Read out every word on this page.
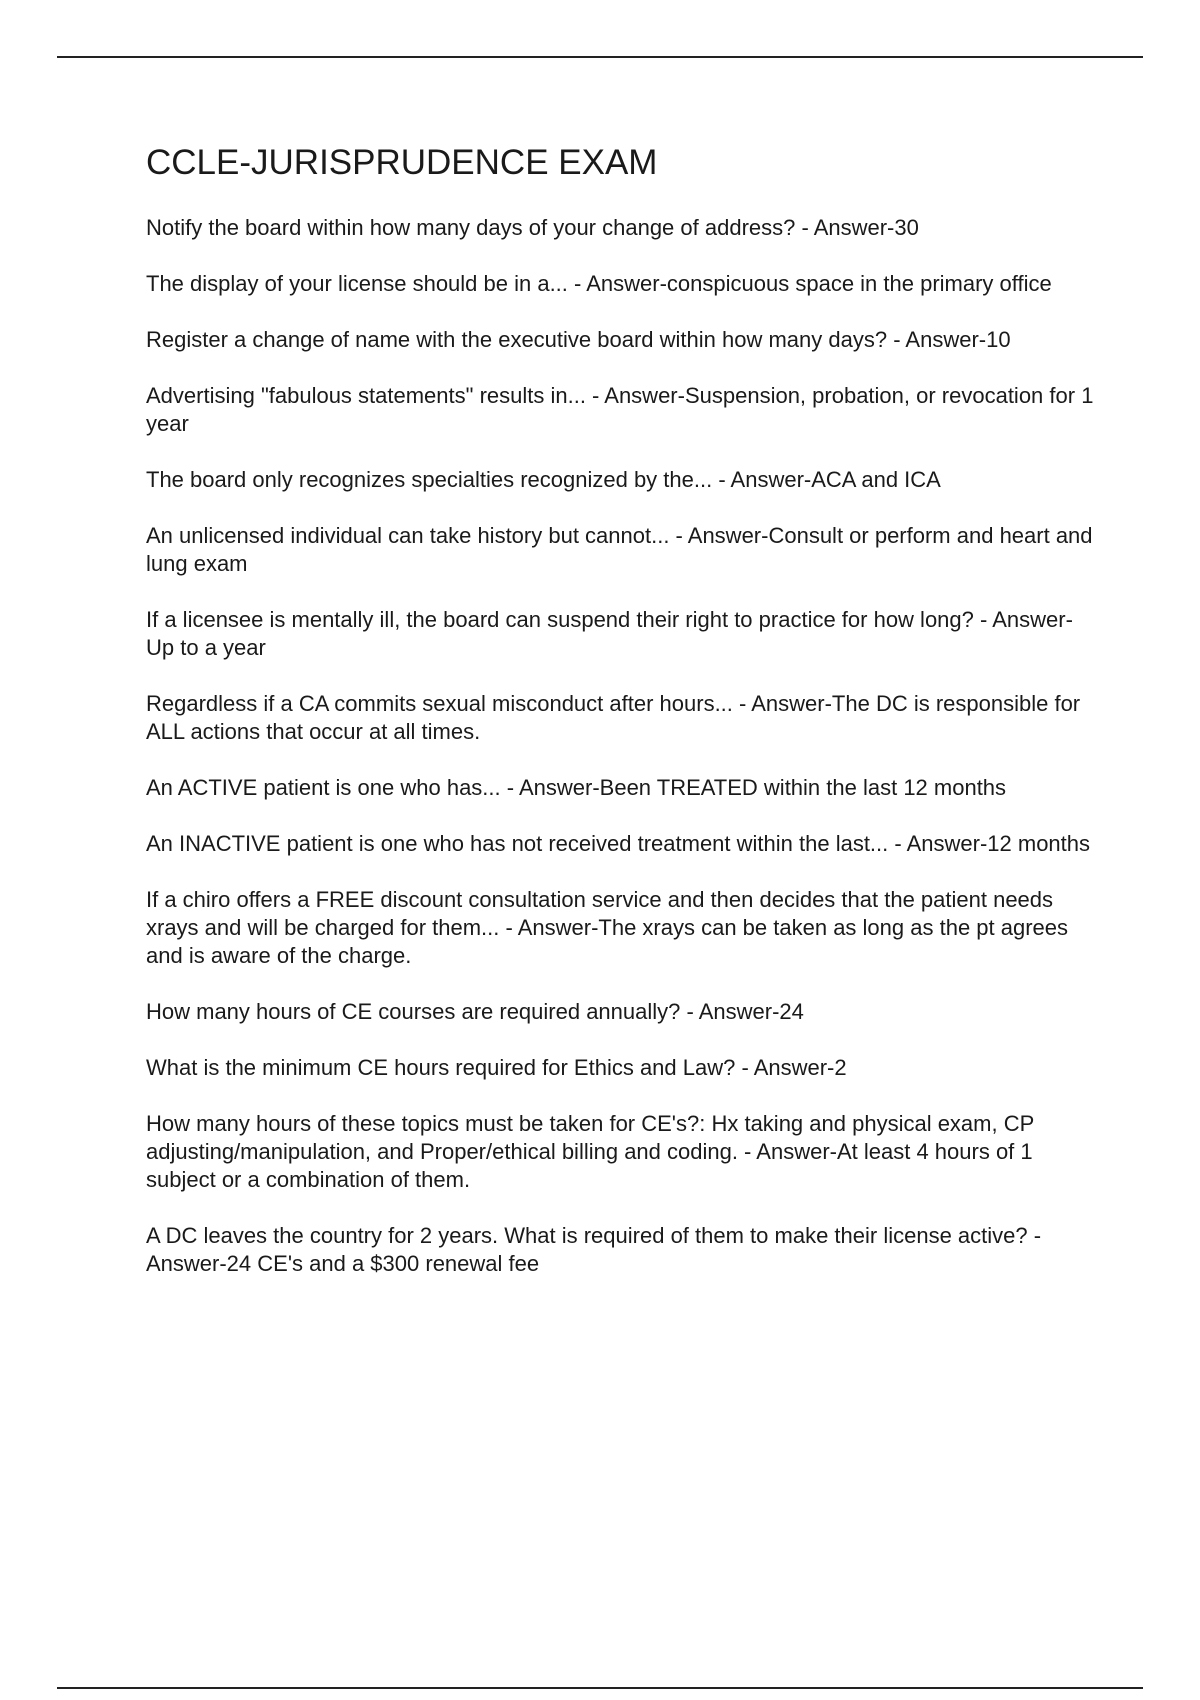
CCLE-JURISPRUDENCE EXAM
Notify the board within how many days of your change of address? - Answer-30
The display of your license should be in a... - Answer-conspicuous space in the primary office
Register a change of name with the executive board within how many days? - Answer-10
Advertising "fabulous statements" results in... - Answer-Suspension, probation, or revocation for 1 year
The board only recognizes specialties recognized by the... - Answer-ACA and ICA
An unlicensed individual can take history but cannot... - Answer-Consult or perform and heart and lung exam
If a licensee is mentally ill, the board can suspend their right to practice for how long? - Answer-Up to a year
Regardless if a CA commits sexual misconduct after hours... - Answer-The DC is responsible for ALL actions that occur at all times.
An ACTIVE patient is one who has... - Answer-Been TREATED within the last 12 months
An INACTIVE patient is one who has not received treatment within the last... - Answer-12 months
If a chiro offers a FREE discount consultation service and then decides that the patient needs xrays and will be charged for them... - Answer-The xrays can be taken as long as the pt agrees and is aware of the charge.
How many hours of CE courses are required annually? - Answer-24
What is the minimum CE hours required for Ethics and Law? - Answer-2
How many hours of these topics must be taken for CE's?: Hx taking and physical exam, CP adjusting/manipulation, and Proper/ethical billing and coding. - Answer-At least 4 hours of 1 subject or a combination of them.
A DC leaves the country for 2 years. What is required of them to make their license active? - Answer-24 CE's and a $300 renewal fee
